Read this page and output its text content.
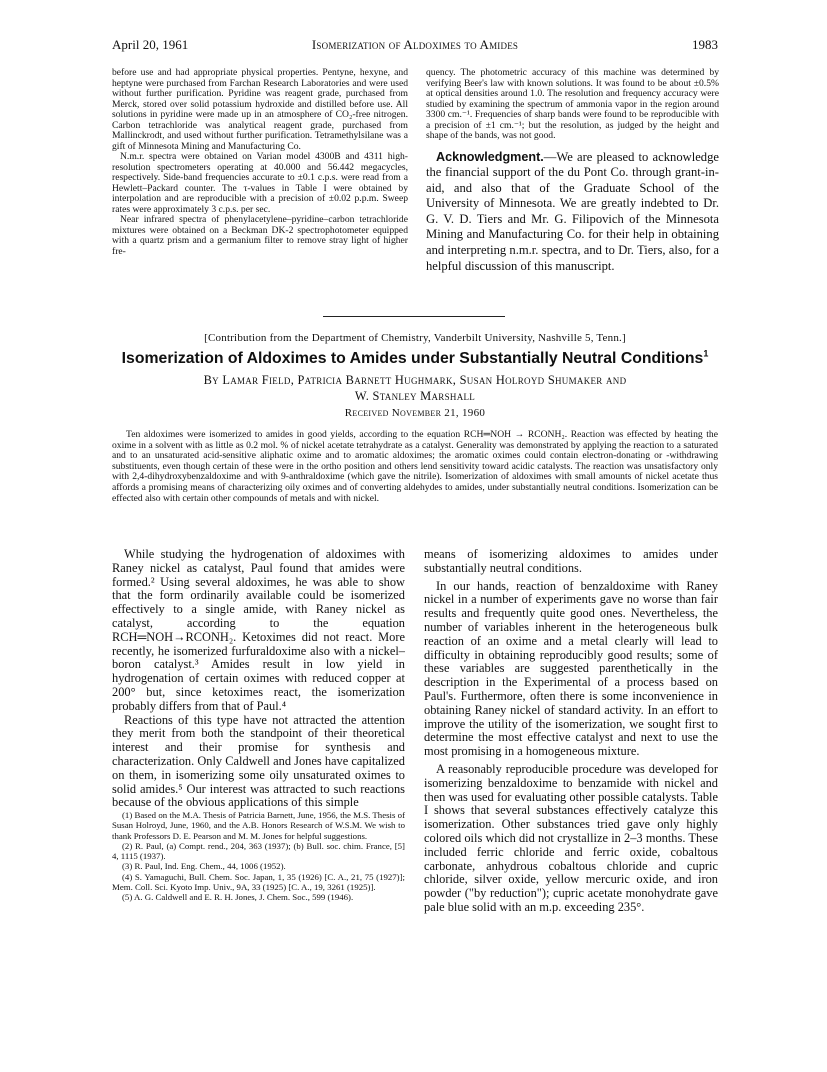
April 20, 1961	Isomerization of Aldoximes to Amides	1983

before use and had appropriate physical properties. Pentyne, hexyne, and heptyne were purchased from Farchan Research Laboratories and were used without further purification. Pyridine was reagent grade, purchased from Merck, stored over solid potassium hydroxide and distilled before use. All solutions in pyridine were made up in an atmosphere of CO₂-free nitrogen. Carbon tetrachloride was analytical reagent grade, purchased from Mallinckrodt, and used without further purification. Tetramethylsilane was a gift of Minnesota Mining and Manufacturing Co.

N.m.r. spectra were obtained on Varian model 4300B and 4311 high-resolution spectrometers operating at 40.000 and 56.442 megacycles, respectively. Side-band frequencies accurate to ±0.1 c.p.s. were read from a Hewlett–Packard counter. The τ-values in Table I were obtained by interpolation and are reproducible with a precision of ±0.02 p.p.m. Sweep rates were approximately 3 c.p.s. per sec.

Near infrared spectra of phenylacetylene–pyridine–carbon tetrachloride mixtures were obtained on a Beckman DK-2 spectrophotometer equipped with a quartz prism and a germanium filter to remove stray light of higher fre-

quency. The photometric accuracy of this machine was determined by verifying Beer's law with known solutions. It was found to be about ±0.5% at optical densities around 1.0. The resolution and frequency accuracy were studied by examining the spectrum of ammonia vapor in the region around 3300 cm.⁻¹. Frequencies of sharp bands were found to be reproducible with a precision of ±1 cm.⁻¹; but the resolution, as judged by the height and shape of the bands, was not good.

Acknowledgment.—We are pleased to acknowledge the financial support of the du Pont Co. through grant-in-aid, and also that of the Graduate School of the University of Minnesota. We are greatly indebted to Dr. G. V. D. Tiers and Mr. G. Filipovich of the Minnesota Mining and Manufacturing Co. for their help in obtaining and interpreting n.m.r. spectra, and to Dr. Tiers, also, for a helpful discussion of this manuscript.

[Contribution from the Department of Chemistry, Vanderbilt University, Nashville 5, Tenn.]
Isomerization of Aldoximes to Amides under Substantially Neutral Conditions$^1$
By Lamar Field, Patricia Barnett Hughmark, Susan Holroyd Shumaker and
W. Stanley Marshall
Received November 21, 1960
Ten aldoximes were isomerized to amides in good yields, according to the equation RCH═NOH → RCONH₂. Reaction was effected by heating the oxime in a solvent with as little as 0.2 mol. % of nickel acetate tetrahydrate as a catalyst. Generality was demonstrated by applying the reaction to a saturated and to an unsaturated acid-sensitive aliphatic oxime and to aromatic aldoximes; the aromatic oximes could contain electron-donating or -withdrawing substituents, even though certain of these were in the ortho position and others lend sensitivity toward acidic catalysts. The reaction was unsatisfactory only with 2,4-dihydroxybenzaldoxime and with 9-anthraldoxime (which gave the nitrile). Isomerization of aldoximes with small amounts of nickel acetate thus affords a promising means of characterizing oily oximes and of converting aldehydes to amides, under substantially neutral conditions. Isomerization can be effected also with certain other compounds of metals and with nickel.

While studying the hydrogenation of aldoximes with Raney nickel as catalyst, Paul found that amides were formed.² Using several aldoximes, he was able to show that the form ordinarily available could be isomerized effectively to a single amide, with Raney nickel as catalyst, according to the equation RCH═NOH→RCONH₂. Ketoximes did not react. More recently, he isomerized furfuraldoxime also with a nickel–boron catalyst.³ Amides result in low yield in hydrogenation of certain oximes with reduced copper at 200° but, since ketoximes react, the isomerization probably differs from that of Paul.⁴

Reactions of this type have not attracted the attention they merit from both the standpoint of their theoretical interest and their promise for synthesis and characterization. Only Caldwell and Jones have capitalized on them, in isomerizing some oily unsaturated oximes to solid amides.⁵ Our interest was attracted to such reactions because of the obvious applications of this simple

(1) Based on the M.A. Thesis of Patricia Barnett, June, 1956, the M.S. Thesis of Susan Holroyd, June, 1960, and the A.B. Honors Research of W.S.M. We wish to thank Professors D. E. Pearson and M. M. Jones for helpful suggestions.
(2) R. Paul, (a) Compt. rend., 204, 363 (1937); (b) Bull. soc. chim. France, [5] 4, 1115 (1937).
(3) R. Paul, Ind. Eng. Chem., 44, 1006 (1952).
(4) S. Yamaguchi, Bull. Chem. Soc. Japan, 1, 35 (1926) [C. A., 21, 75 (1927)]; Mem. Coll. Sci. Kyoto Imp. Univ., 9A, 33 (1925) [C. A., 19, 3261 (1925)].
(5) A. G. Caldwell and E. R. H. Jones, J. Chem. Soc., 599 (1946).

means of isomerizing aldoximes to amides under substantially neutral conditions.

In our hands, reaction of benzaldoxime with Raney nickel in a number of experiments gave no worse than fair results and frequently quite good ones. Nevertheless, the number of variables inherent in the heterogeneous bulk reaction of an oxime and a metal clearly will lead to difficulty in obtaining reproducibly good results; some of these variables are suggested parenthetically in the description in the Experimental of a process based on Paul's. Furthermore, often there is some inconvenience in obtaining Raney nickel of standard activity. In an effort to improve the utility of the isomerization, we sought first to determine the most effective catalyst and next to use the most promising in a homogeneous mixture.

A reasonably reproducible procedure was developed for isomerizing benzaldoxime to benzamide with nickel and then was used for evaluating other possible catalysts. Table I shows that several substances effectively catalyze this isomerization. Other substances tried gave only highly colored oils which did not crystallize in 2–3 months. These included ferric chloride and ferric oxide, cobaltous carbonate, anhydrous cobaltous chloride and cupric chloride, silver oxide, yellow mercuric oxide, and iron powder ("by reduction"); cupric acetate monohydrate gave pale blue solid with an m.p. exceeding 235°.
